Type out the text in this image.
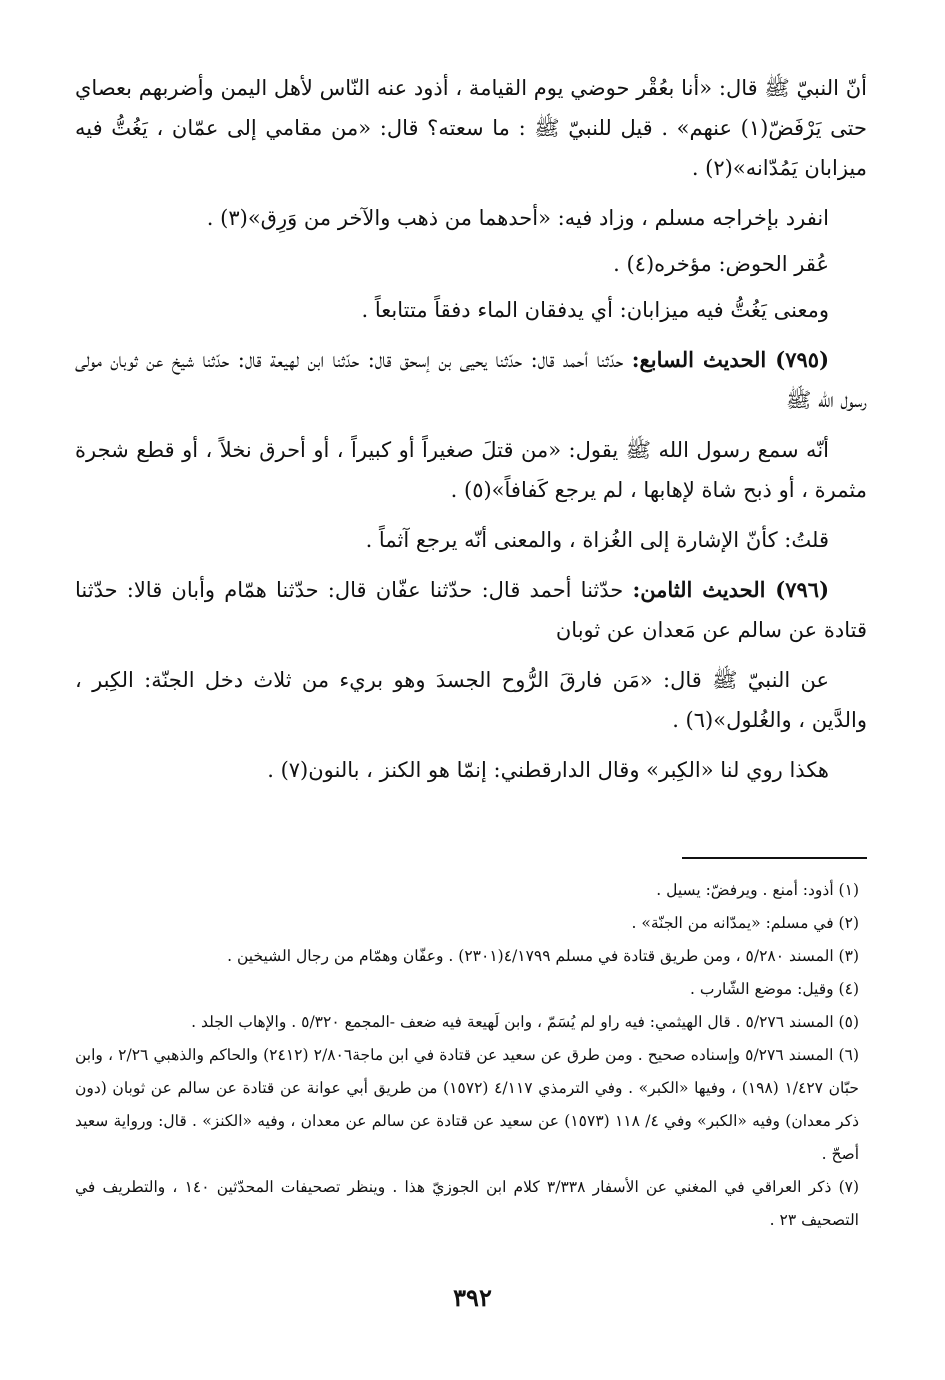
أنّ النبيّ ﷺ قال: «أنا بعُقْر حوضي يوم القيامة ، أذود عنه النّاس لأهل اليمن وأضربهم بعصاي حتى يَرْفَضّ(١) عنهم» . قيل للنبيّ ﷺ : ما سعته؟ قال: «من مقامي إلى عمّان ، يَغُتُّ فيه ميزابان يَمُدّانه»(٢) .

انفرد بإخراجه مسلم ، وزاد فيه: «أحدهما من ذهب والآخر من وَرِق»(٣) .

عُقر الحوض: مؤخره(٤) .

ومعنى يَغُتُّ فيه ميزابان: أي يدفقان الماء دفقاً متتابعاً .

(٧٩٥) الحديث السابع: حدّثنا أحمد قال: حدّثنا يحيى بن إسحق قال: حدّثنا ابن لهيعة قال: حدّثنا شيخ عن ثوبان مولى رسول الله ﷺ

أنّه سمع رسول الله ﷺ يقول: «من قتلَ صغيراً أو كبيراً ، أو أحرق نخلاً ، أو قطع شجرة مثمرة ، أو ذبح شاة لإهابها ، لم يرجع كَفافاً»(٥) .

قلتُ: كأنّ الإشارة إلى الغُزاة ، والمعنى أنّه يرجع آثماً .

(٧٩٦) الحديث الثامن: حدّثنا أحمد قال: حدّثنا عفّان قال: حدّثنا همّام وأبان قالا: حدّثنا قتادة عن سالم عن مَعدان عن ثوبان

عن النبيّ ﷺ قال: «مَن فارقَ الرُّوح الجسدَ وهو بريء من ثلاث دخل الجنّة: الكِبر ، والدَّين ، والغُلول»(٦) .

هكذا روي لنا «الكِبر» وقال الدارقطني: إنمّا هو الكنز ، بالنون(٧) .

(١) أذود: أمنع . ويرفضّ: يسيل .

(٢) في مسلم: «يمدّانه من الجنّة» .

(٣) المسند ٥/٢٨٠ ، ومن طريق قتادة في مسلم ٤/١٧٩٩(٢٣٠١) . وعفّان وهمّام من رجال الشيخين .

(٤) وقيل: موضع الشّارب .

(٥) المسند ٥/٢٧٦ . قال الهيثمي: فيه راو لم يُسَمّ ، وابن لَهيعة فيه ضعف -المجمع ٥/٣٢٠ . والإهاب الجلد .

(٦) المسند ٥/٢٧٦ وإسناده صحيح . ومن طرق عن سعيد عن قتادة في ابن ماجة٢/٨٠٦ (٢٤١٢) والحاكم والذهبي ٢/٢٦ ، وابن حبّان ١/٤٢٧ (١٩٨) ، وفيها «الكبر» . وفي الترمذي ٤/١١٧ (١٥٧٢) من طريق أبي عوانة عن قتادة عن سالم عن ثوبان (دون ذكر معدان) وفيه «الكبر» وفي ٤/ ١١٨ (١٥٧٣) عن سعيد عن قتادة عن سالم عن معدان ، وفيه «الكنز» . قال: ورواية سعيد أصحّ .

(٧) ذكر العراقي في المغني عن الأسفار ٣/٣٣٨ كلام ابن الجوزيّ هذا . وينظر تصحيفات المحدّثين ١٤٠ ، والتطريف في التصحيف ٢٣ .

٣٩٢
